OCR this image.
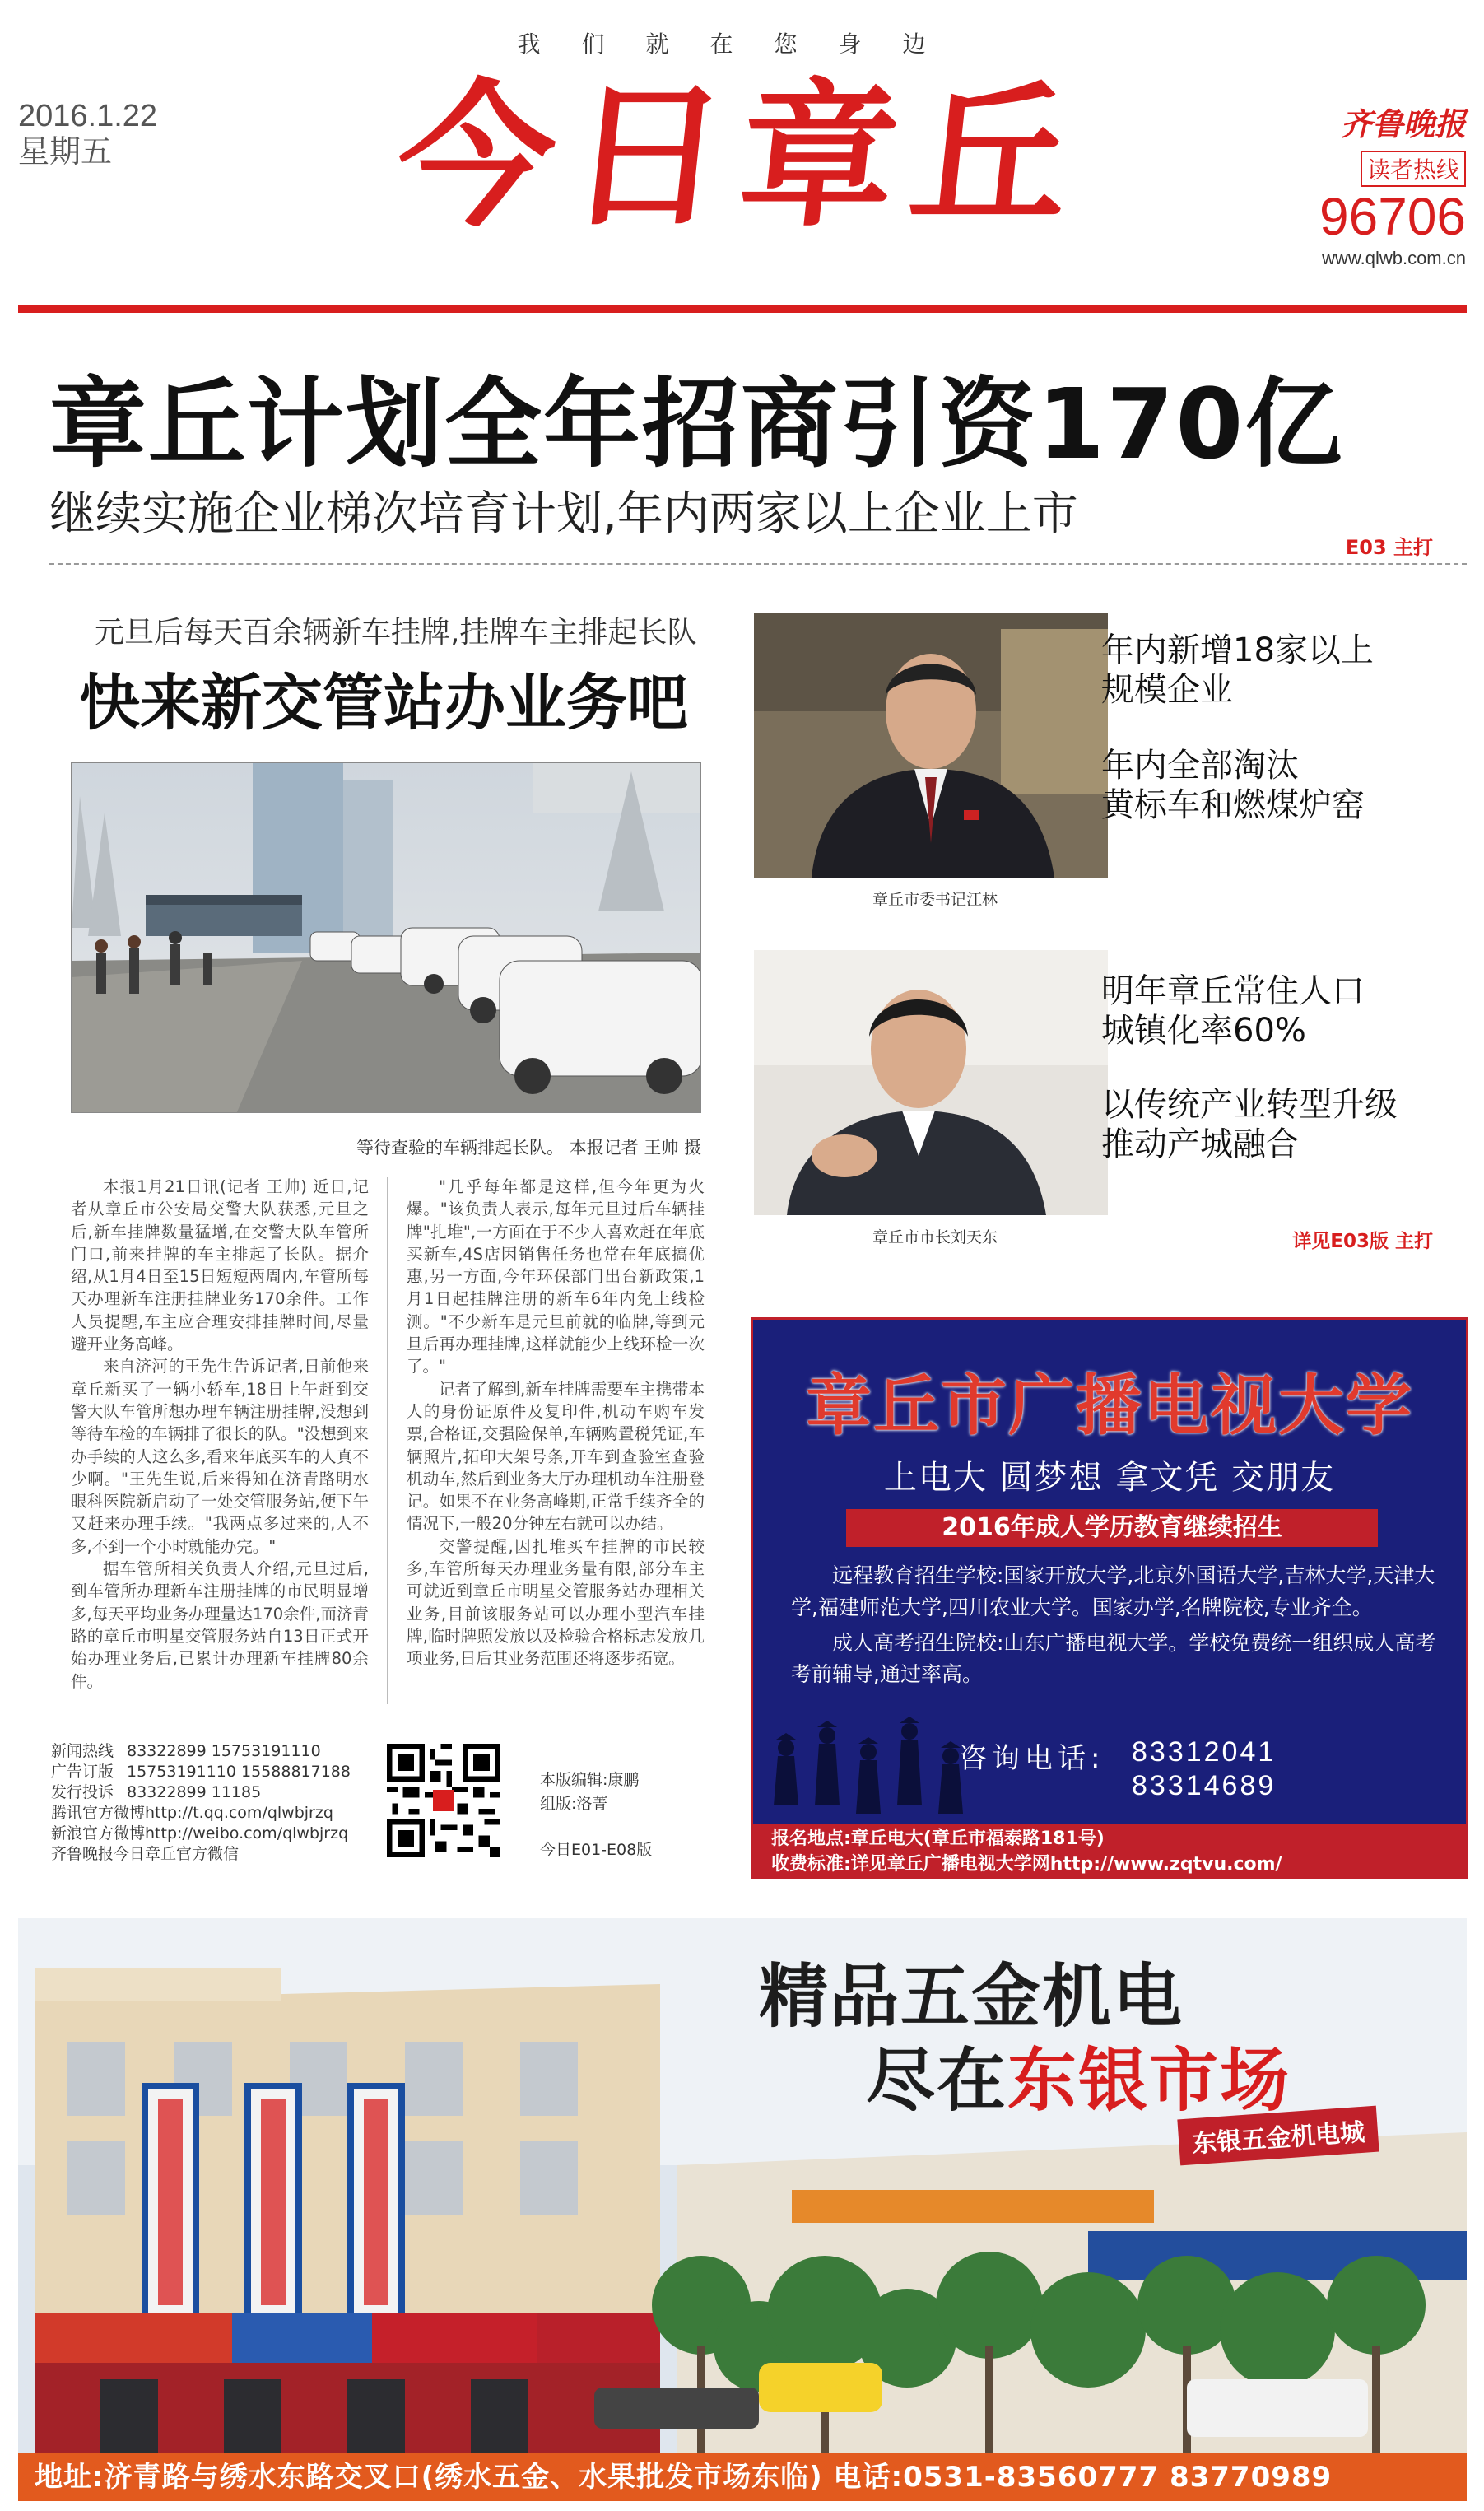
我们就在您身边
2016.1.22
星期五 今日章丘	齐鲁晚报
读者热线
96706
www.qlwb.com.cn
章丘计划全年招商引资170亿
继续实施企业梯次培育计划,年内两家以上企业上市
E03 主打
元旦后每天百余辆新车挂牌,挂牌车主排起长队
快来新交管站办业务吧
等待查验的车辆排起长队。 本报记者 王帅 摄

本报1月21日讯(记者 王帅) 近日,记者从章丘市公安局交警大队获悉,元旦之后,新车挂牌数量猛增,在交警大队车管所门口,前来挂牌的车主排起了长队。据介绍,从1月4日至15日短短两周内,车管所每天办理新车注册挂牌业务170余件。工作人员提醒,车主应合理安排挂牌时间,尽量避开业务高峰。

来自济河的王先生告诉记者,日前他来章丘新买了一辆小轿车,18日上午赶到交警大队车管所想办理车辆注册挂牌,没想到等待车检的车辆排了很长的队。"没想到来办手续的人这么多,看来年底买车的人真不少啊。"王先生说,后来得知在济青路明水眼科医院新启动了一处交管服务站,便下午又赶来办理手续。"我两点多过来的,人不多,不到一个小时就能办完。"

据车管所相关负责人介绍,元旦过后,到车管所办理新车注册挂牌的市民明显增多,每天平均业务办理量达170余件,而济青路的章丘市明星交管服务站自13日正式开始办理业务后,已累计办理新车挂牌80余件。

"几乎每年都是这样,但今年更为火爆。"该负责人表示,每年元旦过后车辆挂牌"扎堆",一方面在于不少人喜欢赶在年底买新车,4S店因销售任务也常在年底搞优惠,另一方面,今年环保部门出台新政策,1月1日起挂牌注册的新车6年内免上线检测。"不少新车是元旦前就的临牌,等到元旦后再办理挂牌,这样就能少上线环检一次了。"

记者了解到,新车挂牌需要车主携带本人的身份证原件及复印件,机动车购车发票,合格证,交强险保单,车辆购置税凭证,车辆照片,拓印大架号条,开车到查验室查验机动车,然后到业务大厅办理机动车注册登记。如果不在业务高峰期,正常手续齐全的情况下,一般20分钟左右就可以办结。

交警提醒,因扎堆买车挂牌的市民较多,车管所每天办理业务量有限,部分车主可就近到章丘市明星交管服务站办理相关业务,目前该服务站可以办理小型汽车挂牌,临时牌照发放以及检验合格标志发放几项业务,日后其业务范围还将逐步拓宽。

新闻热线 83322899 15753191110
广告订版 15753191110 15588817188
发行投诉 83322899 11185
腾讯官方微博http://t.qq.com/qlwbjrzq
新浪官方微博http://weibo.com/qlwbjrzq
齐鲁晚报今日章丘官方微信
本版编辑:康鹏
组版:洛菁
今日E01-E08版
章丘市委书记江林
章丘市市长刘天东
年内新增18家以上
规模企业
年内全部淘汰
黄标车和燃煤炉窑
明年章丘常住人口
城镇化率60%
以传统产业转型升级
推动产城融合
详见E03版 主打
章丘市广播电视大学
上电大 圆梦想 拿文凭 交朋友
2016年成人学历教育继续招生

远程教育招生学校:国家开放大学,北京外国语大学,吉林大学,天津大学,福建师范大学,四川农业大学。国家办学,名牌院校,专业齐全。

成人高考招生院校:山东广播电视大学。学校免费统一组织成人高考考前辅导,通过率高。

咨询电话: 83312041
83314689
报名地点:章丘电大(章丘市福泰路181号)
收费标准:详见章丘广播电视大学网http://www.zqtvu.com/
精品五金机电
尽在东银市场
东银五金机电城
地址:济青路与绣水东路交叉口(绣水五金、水果批发市场东临) 电话:0531-83560777 83770989
